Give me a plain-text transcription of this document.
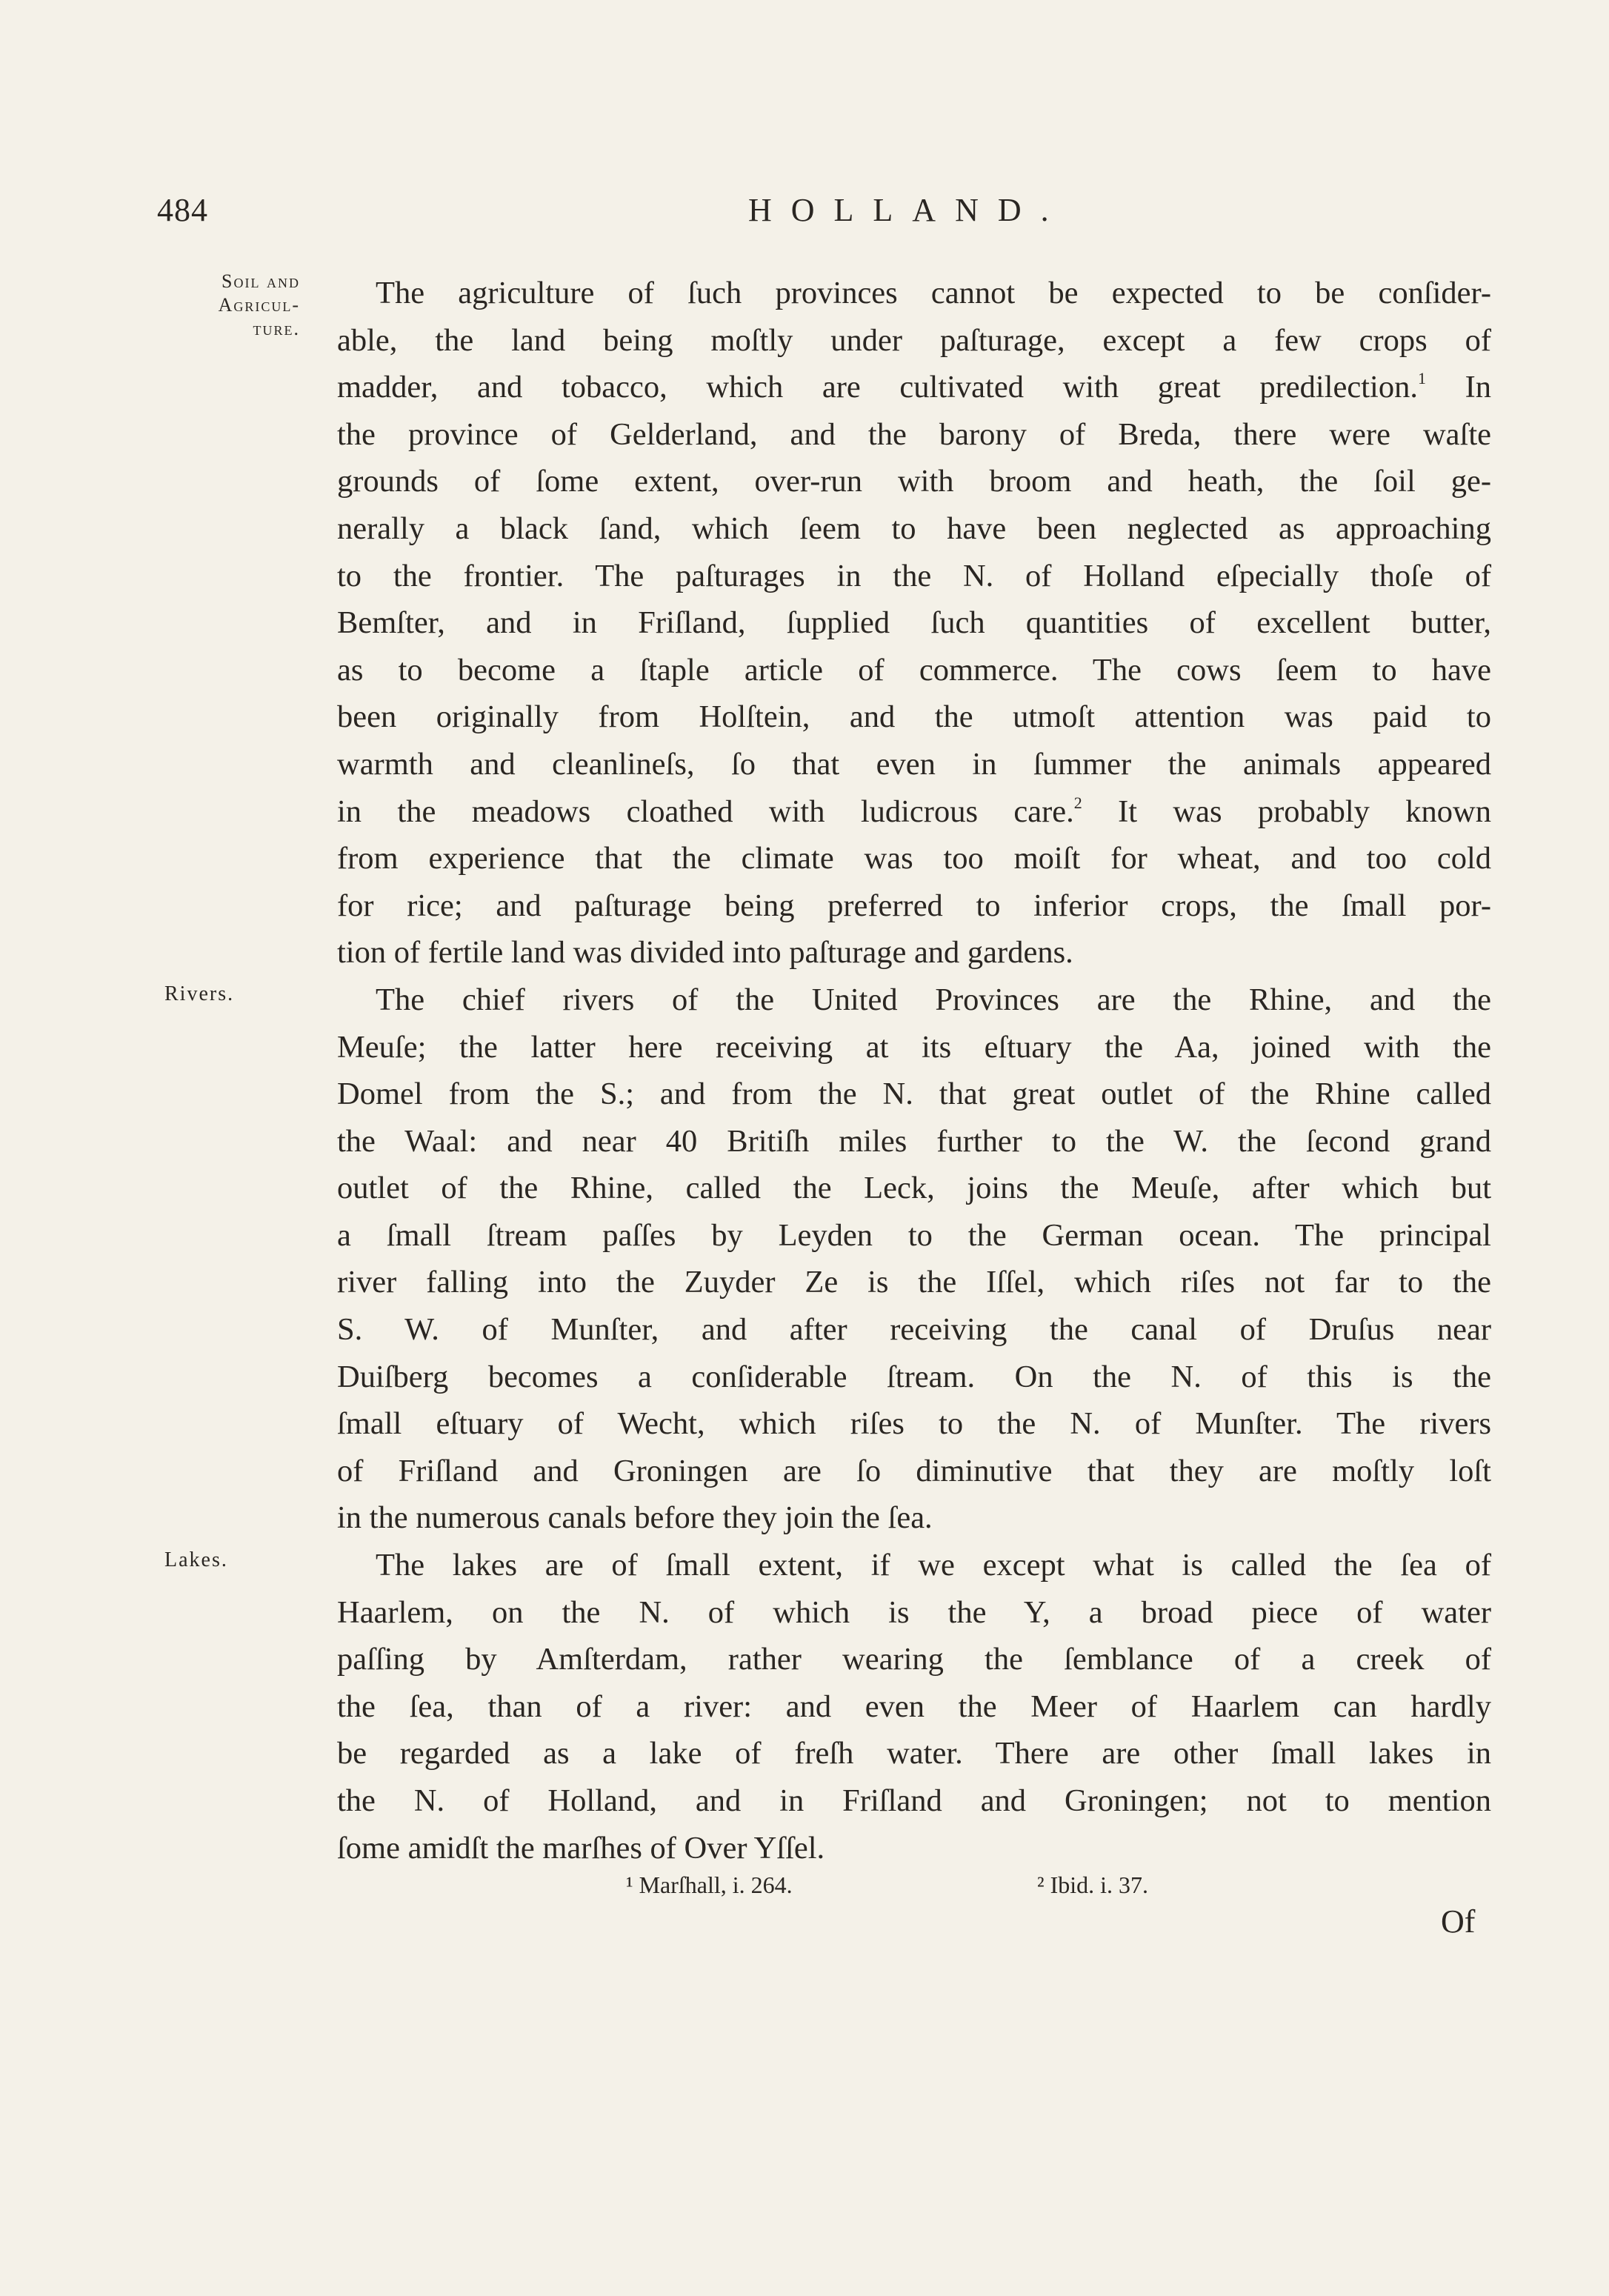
484	HOLLAND.
Soil and
Agricul-
ture.
Rivers.
Lakes.
The agriculture of ſuch provinces cannot be expected to be conſider-
able, the land being moſtly under paſturage, except a few crops of
madder, and tobacco, which are cultivated with great predilection.$^1$ In
the province of Gelderland, and the barony of Breda, there were waſte
grounds of ſome extent, over-run with broom and heath, the ſoil ge-
nerally a black ſand, which ſeem to have been neglected as approaching
to the frontier. The paſturages in the N. of Holland eſpecially thoſe of
Bemſter, and in Friſland, ſupplied ſuch quantities of excellent butter,
as to become a ſtaple article of commerce. The cows ſeem to have
been originally from Holſtein, and the utmoſt attention was paid to
warmth and cleanlineſs, ſo that even in ſummer the animals appeared
in the meadows cloathed with ludicrous care.$^2$ It was probably known
from experience that the climate was too moiſt for wheat, and too cold
for rice; and paſturage being preferred to inferior crops, the ſmall por-
tion of fertile land was divided into paſturage and gardens.
The chief rivers of the United Provinces are the Rhine, and the
Meuſe; the latter here receiving at its eſtuary the Aa, joined with the
Domel from the S.; and from the N. that great outlet of the Rhine called
the Waal: and near 40 Britiſh miles further to the W. the ſecond grand
outlet of the Rhine, called the Leck, joins the Meuſe, after which but
a ſmall ſtream paſſes by Leyden to the German ocean. The principal
river falling into the Zuyder Ze is the Iſſel, which riſes not far to the
S. W. of Munſter, and after receiving the canal of Druſus near
Duiſberg becomes a conſiderable ſtream. On the N. of this is the
ſmall eſtuary of Wecht, which riſes to the N. of Munſter. The rivers
of Friſland and Groningen are ſo diminutive that they are moſtly loſt
in the numerous canals before they join the ſea.
The lakes are of ſmall extent, if we except what is called the ſea of
Haarlem, on the N. of which is the Y, a broad piece of water
paſſing by Amſterdam, rather wearing the ſemblance of a creek of
the ſea, than of a river: and even the Meer of Haarlem can hardly
be regarded as a lake of freſh water. There are other ſmall lakes in
the N. of Holland, and in Friſland and Groningen; not to mention
ſome amidſt the marſhes of Over Yſſel.
¹ Marſhall, i. 264.	² Ibid. i. 37.
Of
